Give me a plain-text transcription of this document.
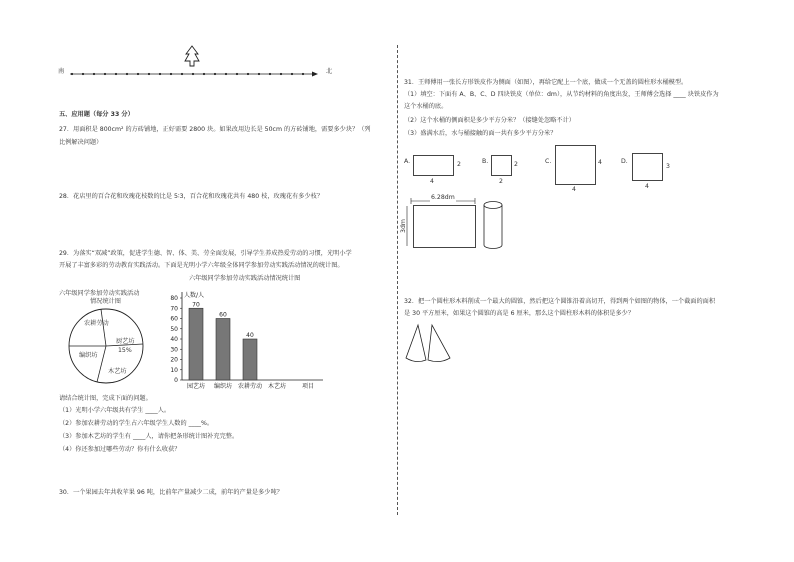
南	北
五、应用题（每分 33 分）
27．用面积是 800cm² 的方砖铺地，正好需要 2800 块。如果改用边长是 50cm 的方砖铺地，需要多少块？（列
比例解决问题）
28．花店里的百合花和玫瑰花枝数的比是 5∶3，百合花和玫瑰花共有 480 枝，玫瑰花有多少枝？
29．为落实“双减”政策，促进学生德、智、体、美、劳全面发展，引导学生养成热爱劳动的习惯，光明小学
开展了丰富多彩的劳动教育实践活动。下面是光明小学六年级全体同学参加劳动实践活动情况的统计图。
六年级同学参加劳动实践活动
情况统计图
农耕劳动
编织坊
厨艺坊
15%
木艺坊
六年级同学参加劳动实践活动情况统计图
0
10
20
30
40
50
60
70
80 人数/人
70
园艺坊
60
编织坊
40
农耕劳动 木艺坊	项目
请结合统计图，完成下面的问题。
（1）光明小学六年级共有学生 ____人。
（2）参加农耕劳动的学生占六年级学生人数的 ____%。
（3）参加木艺坊的学生有 ____人，请你把条形统计图补充完整。
（4）你还参加过哪些劳动？你有什么收获？
30．一个果园去年共收苹果 96 吨，比前年产量减少二成，前年的产量是多少吨？
31．王师傅用一张长方形铁皮作为侧面（如图），再给它配上一个底，做成一个无盖的圆柱形水桶模型。
（1）填空：下面有 A、B、C、D 四块铁皮（单位：dm），从节约材料的角度出发，王师傅会选择 ____ 块铁皮作为
这个水桶的底。
（2）这个水桶的侧面积是多少平方分米？（接缝处忽略不计）
（3）盛满水后，水与桶接触的面一共有多少平方分米？
A.
4
2	B.
2
2	C.
4
4	D.
4
3
6.28dm
3dm
32．把一个圆柱形木料削成一个最大的圆锥，然后把这个圆锥沿着高切开，得到两个如图的物体，一个截面的面积
是 30 平方厘米，如果这个圆锥的高是 6 厘米，那么这个圆柱形木料的体积是多少？
